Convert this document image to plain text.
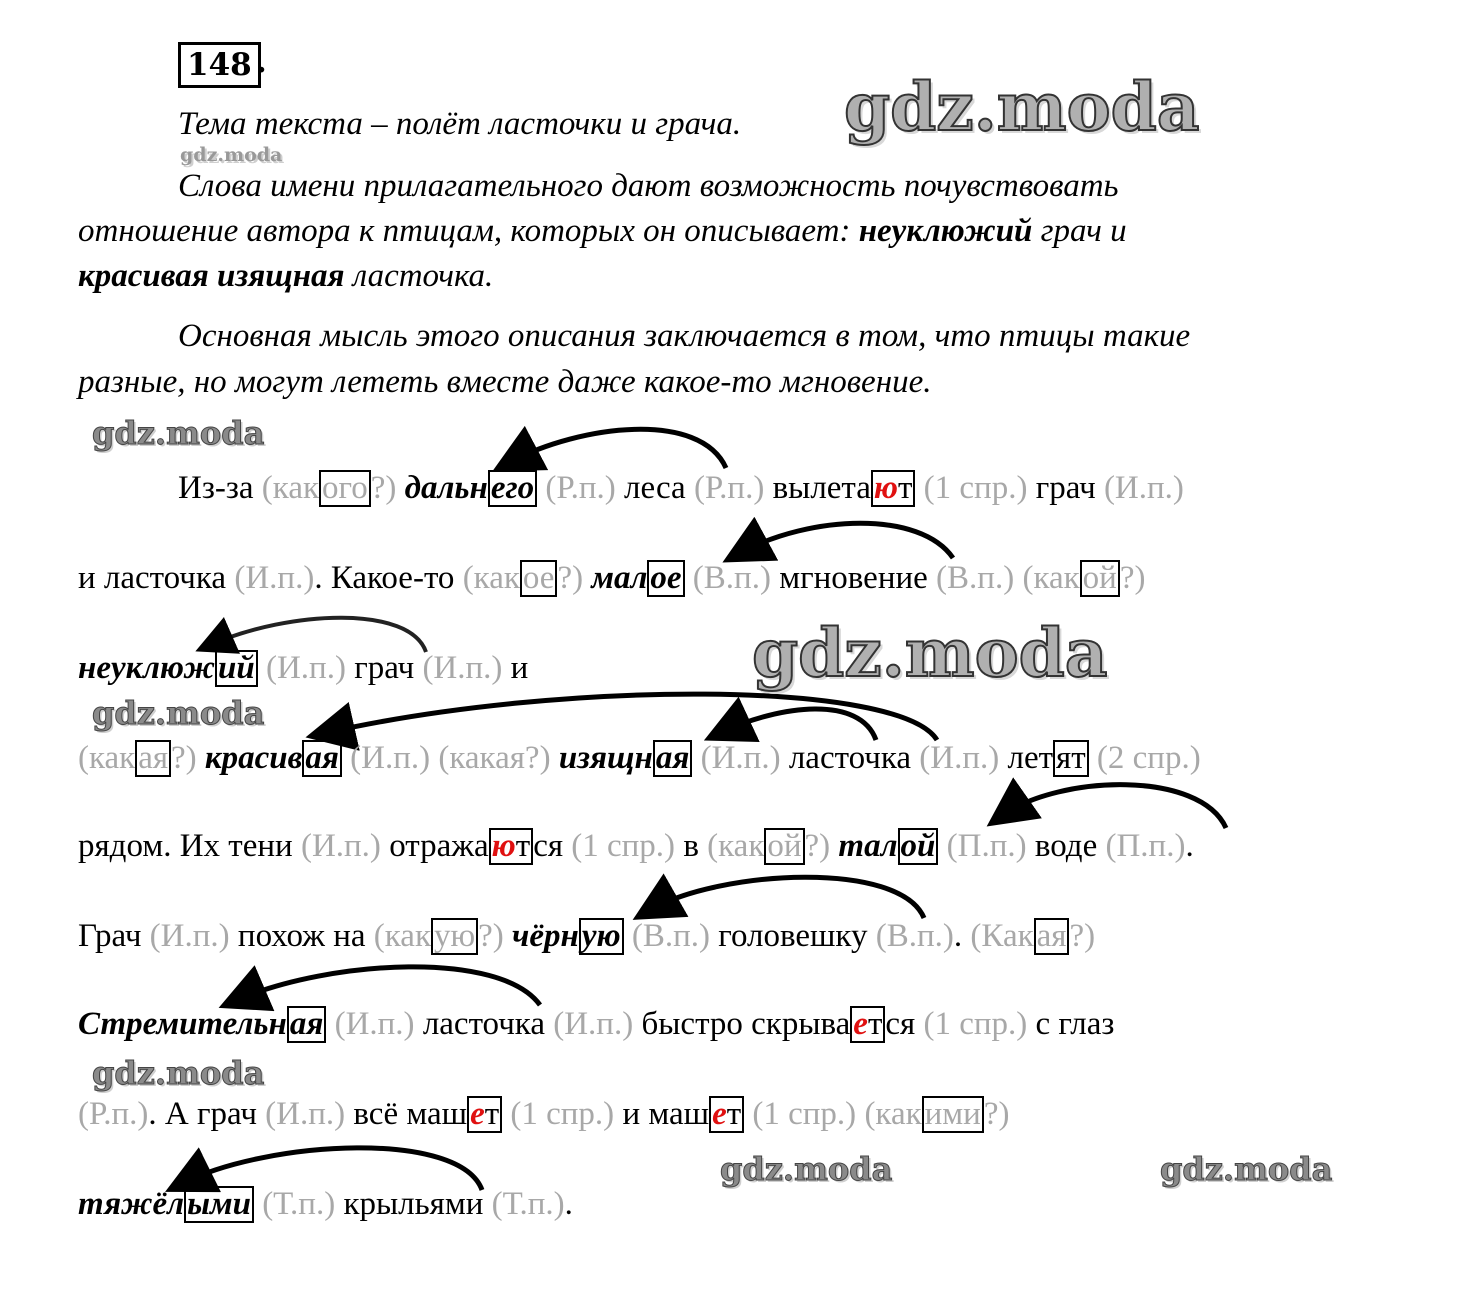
148 .
Тема текста – полёт ласточки и грача.
Слова имени прилагательного дают возможность почувствовать
отношение автора к птицам, которых он описывает: неуклюжий грач и
красивая изящная ласточка.
Основная мысль этого описания заключается в том, что птицы такие
разные, но могут лететь вместе даже какое-то мгновение.
Из-за (какого?) дальнего (Р.п.) леса (Р.п.) вылетают (1 спр.) грач (И.п.)
и ласточка (И.п.). Какое-то (какое?) малое (В.п.) мгновение (В.п.) (какой?)
неуклюжий (И.п.) грач (И.п.) и
(какая?) красивая (И.п.) (какая?) изящная (И.п.) ласточка (И.п.) летят (2 спр.)
рядом. Их тени (И.п.) отражаются (1 спр.) в (какой?) талой (П.п.) воде (П.п.).
Грач (И.п.) похож на (какую?) чёрную (В.п.) головешку (В.п.). (Какая?)
Стремительная (И.п.) ласточка (И.п.) быстро скрывается (1 спр.) с глаз
(Р.п.). А грач (И.п.) всё машет (1 спр.) и машет (1 спр.) (какими?)
тяжёлыми (Т.п.) крыльями (Т.п.).
gdz.moda
gdz.moda
gdz.moda
gdz.moda
gdz.moda
gdz.moda
gdz.moda	gdz.moda
